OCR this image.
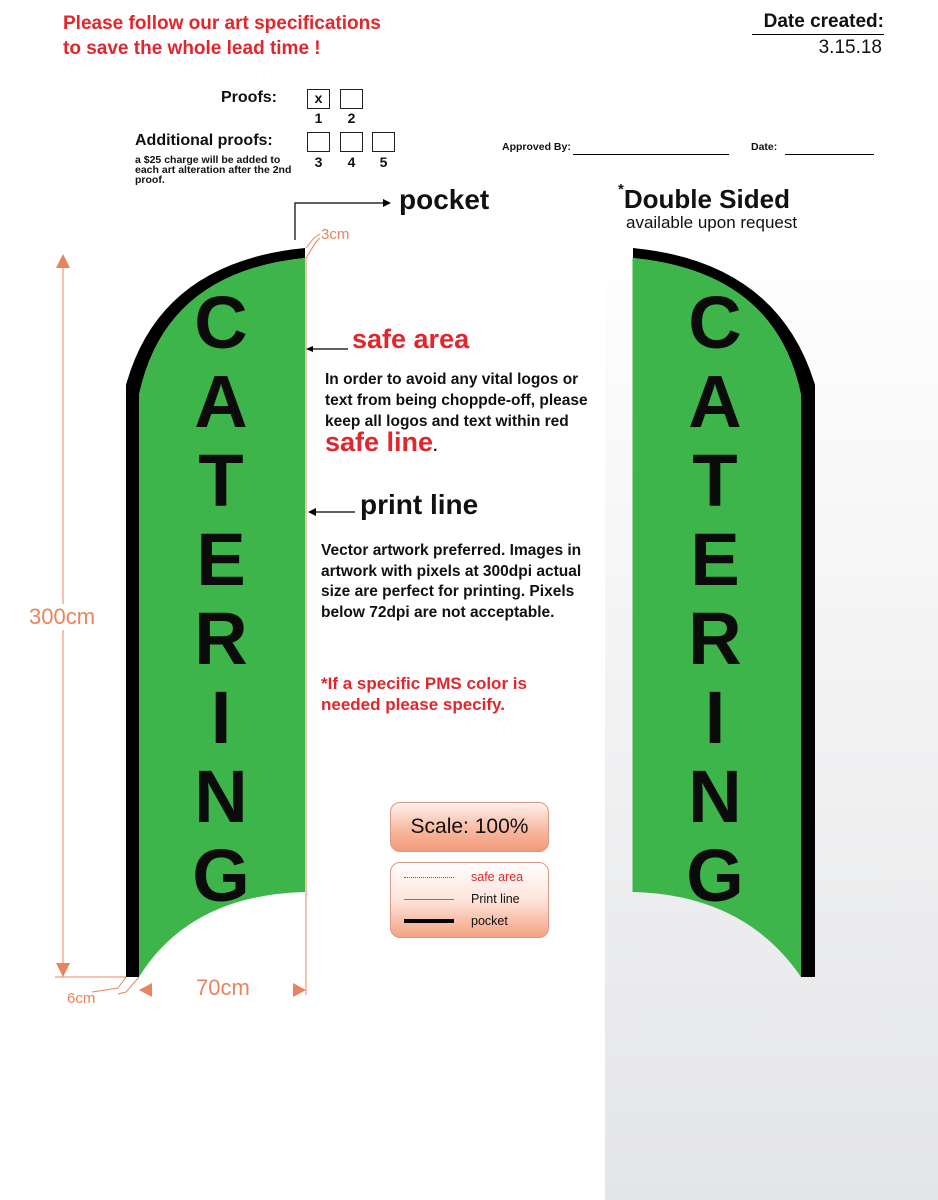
Please follow our art specifications
to save the whole lead time !
Date created:
3.15.18
Proofs:	x
1	2
Additional proofs:
a $25 charge will be added to each art alteration after the 2nd proof.
3	4	5
Approved By:	Date:
C
A
T
E
R
I
N
G
C
A
T
E
R
I
N
G
pocket	*Double Sided
available upon request
safe area
In order to avoid any vital logos or text from being choppde-off, please keep all logos and text within red safe line.
print line
Vector artwork preferred. Images in artwork with pixels at 300dpi actual size are perfect for printing. Pixels below 72dpi are not acceptable.
*If a specific PMS color is needed please specify.
Scale: 100%
safe area
Print line
pocket
300cm
70cm
3cm
6cm
